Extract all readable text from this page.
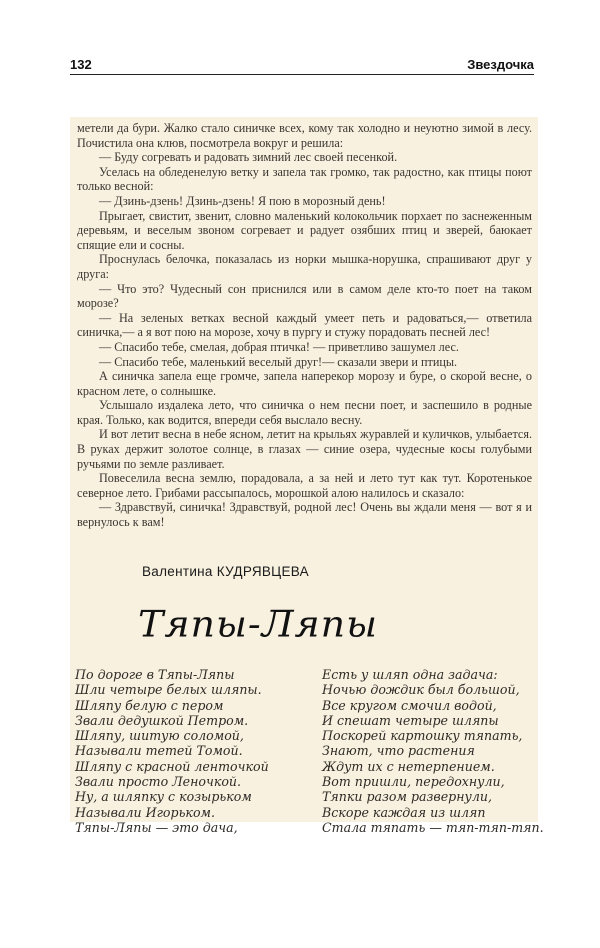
132	Звездочка

метели да бури. Жалко стало синичке всех, кому так холодно и неуютно зимой в лесу. Почистила она клюв, посмотрела вокруг и решила:

— Буду согревать и радовать зимний лес своей песенкой.

Уселась на обледенелую ветку и запела так громко, так радостно, как птицы поют только весной:

— Дзинь-дзень! Дзинь-дзень! Я пою в морозный день!

Прыгает, свистит, звенит, словно маленький колокольчик порхает по заснеженным деревьям, и веселым звоном согревает и радует озябших птиц и зверей, баюкает спящие ели и сосны.

Проснулась белочка, показалась из норки мышка-норушка, спрашивают друг у друга:

— Что это? Чудесный сон приснился или в самом деле кто-то поет на таком морозе?

— На зеленых ветках весной каждый умеет петь и радоваться,— ответила синичка,— а я вот пою на морозе, хочу в пургу и стужу порадовать песней лес!

— Спасибо тебе, смелая, добрая птичка! — приветливо зашумел лес.

— Спасибо тебе, маленький веселый друг!— сказали звери и птицы.

А синичка запела еще громче, запела наперекор морозу и буре, о скорой весне, о красном лете, о солнышке.

Услышало издалека лето, что синичка о нем песни поет, и заспешило в родные края. Только, как водится, впереди себя выслало весну.

И вот летит весна в небе ясном, летит на крыльях журавлей и куличков, улыбается. В руках держит золотое солнце, в глазах — синие озера, чудесные косы голубыми ручьями по земле разливает.

Повеселила весна землю, порадовала, а за ней и лето тут как тут. Коротенькое северное лето. Грибами рассыпалось, морошкой алою налилось и сказало:

— Здравствуй, синичка! Здравствуй, родной лес! Очень вы ждали меня — вот я и вернулось к вам!

Валентина КУДРЯВЦЕВА
Тяпы-Ляпы
По дороге в Тяпы-Ляпы
Шли четыре белых шляпы.
Шляпу белую с пером
Звали дедушкой Петром.
Шляпу, шитую соломой,
Называли тетей Томой.
Шляпу с красной ленточкой
Звали просто Леночкой.
Ну, а шляпку с козырьком
Называли Игорьком.
Тяпы-Ляпы — это дача,
Есть у шляп одна задача:
Ночью дождик был большой,
Все кругом смочил водой,
И спешат четыре шляпы
Поскорей картошку тяпать,
Знают, что растения
Ждут их с нетерпением.
Вот пришли, передохнули,
Тяпки разом развернули,
Вскоре каждая из шляп
Стала тяпать — тяп-тяп-тяп.
